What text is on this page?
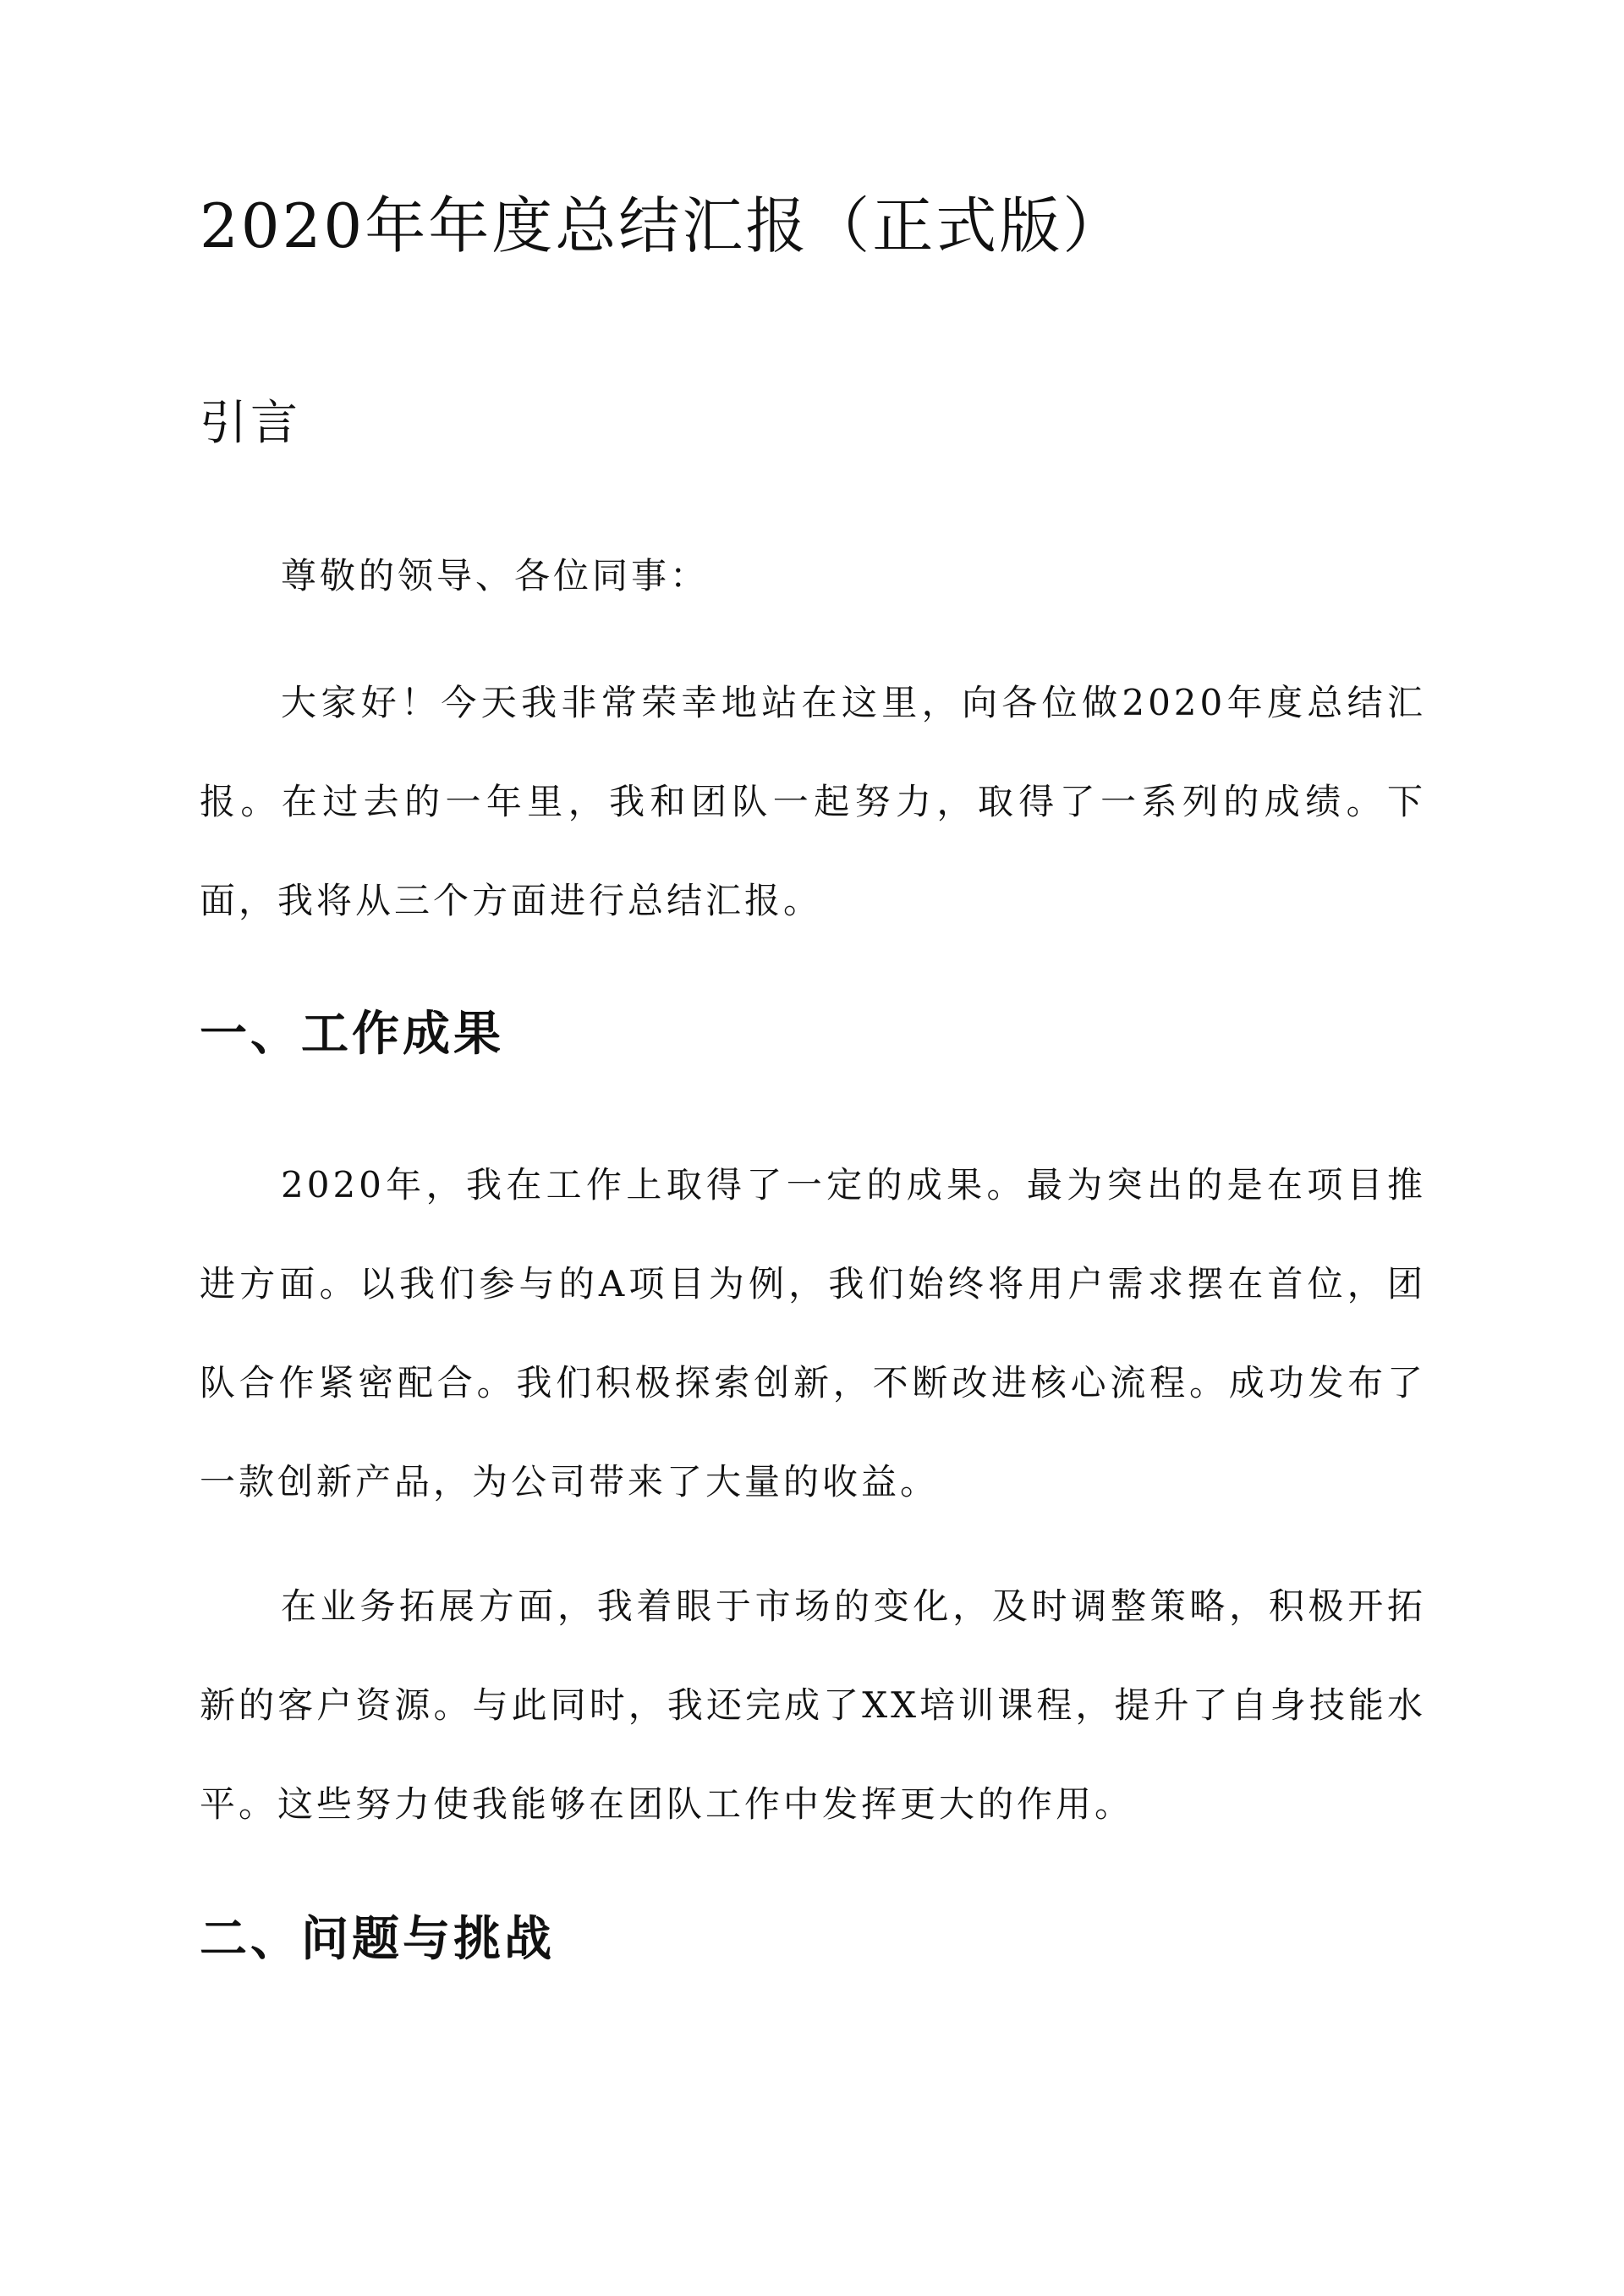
2020年年度总结汇报（正式版）
引言

尊敬的领导、各位同事：

大家好！今天我非常荣幸地站在这里，向各位做2020年度总结汇报。在过去的一年里，我和团队一起努力，取得了一系列的成绩。下面，我将从三个方面进行总结汇报。

一、工作成果

2020年，我在工作上取得了一定的成果。最为突出的是在项目推进方面。以我们参与的A项目为例，我们始终将用户需求摆在首位，团队合作紧密配合。我们积极探索创新，不断改进核心流程。成功发布了一款创新产品，为公司带来了大量的收益。

在业务拓展方面，我着眼于市场的变化，及时调整策略，积极开拓新的客户资源。与此同时，我还完成了XX培训课程，提升了自身技能水平。这些努力使我能够在团队工作中发挥更大的作用。

二、问题与挑战
